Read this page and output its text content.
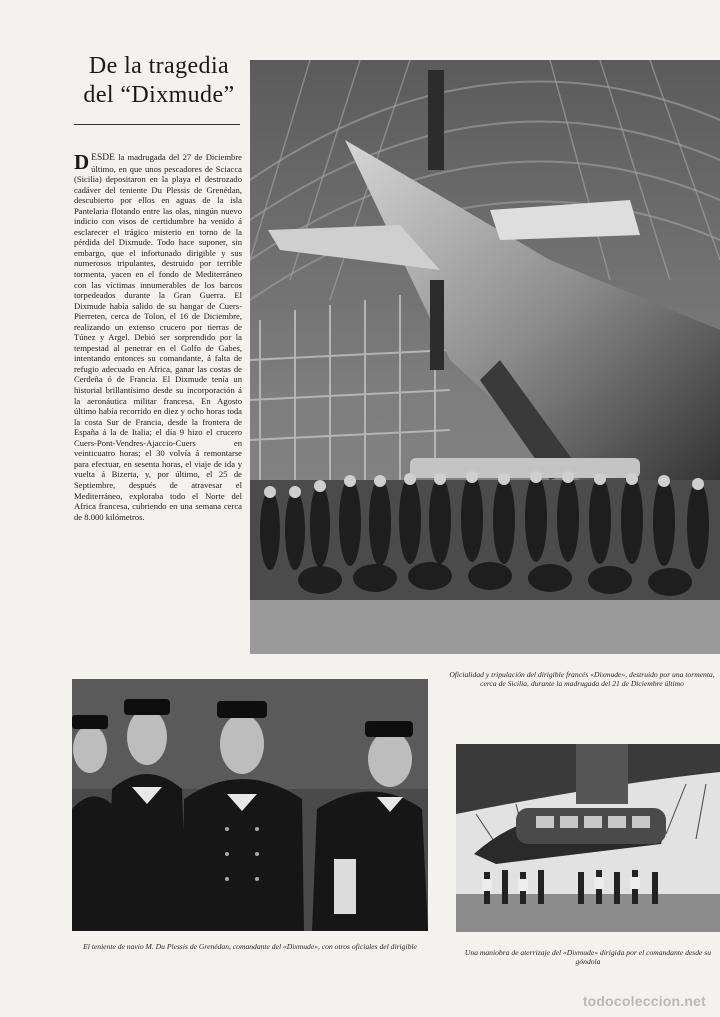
De la tragedia
del “Dixmude”

DESDE la madrugada del 27 de Diciembre último, en que unos pescadores de Sciacca (Sicilia) depositaron en la playa el destrozado cadáver del teniente Du Plessis de Grenédan, descubierto por ellos en aguas de la isla Pantelaria flotando entre las olas, ningún nuevo indicio con visos de certidumbre ha venido á esclarecer el trágico misterio en torno de la pérdida del Dixmude. Todo hace suponer, sin embargo, que el infortunado dirigible y sus numerosos tripulantes, destruido por terrible tormenta, yacen en el fondo de Mediterráneo con las víctimas innumerables de los barcos torpedeados durante la Gran Guerra. El Dixmude había salido de su hangar de Cuers-Pierreten, cerca de Tolon, el 16 de Diciembre, realizando un extenso crucero por tierras de Túnez y Argel. Debió ser sorprendido por la tempestad al penetrar en el Golfo de Gabes, intentando entonces su comandante, á falta de refugio adecuado en Africa, ganar las costas de Cerdeña ó de Francia. El Dixmude tenía un historial brillantísimo desde su incorporación á la aeronáutica militar francesa. En Agosto último había recorrido en diez y ocho horas toda la costa Sur de Francia, desde la frontera de España á la de Italia; el día 9 hizo el crucero Cuers-Pont-Vendres-Ajaccio-Cuers en veinticuatro horas; el 30 volvía á remontarse para efectuar, en sesenta horas, el viaje de ida y vuelta á Bizerta, y, por último, el 25 de Septiembre, después de atravesar el Mediterráneo, exploraba todo el Norte del Africa francesa, cubriendo en una semana cerca de 8.000 kilómetros.

Oficialidad y tripulación del dirigible francés «Dixmude», destruido por una tormenta, cerca de Sicilia, durante la madrugada del 21 de Diciembre último
El teniente de navio M. Du Plessis de Grenédan, comandante del «Dixmude», con otros oficiales del dirigible
Una maniobra de aterrizaje del «Dixmude» dirigida por el comandante desde su góndola
todocoleccion.net
